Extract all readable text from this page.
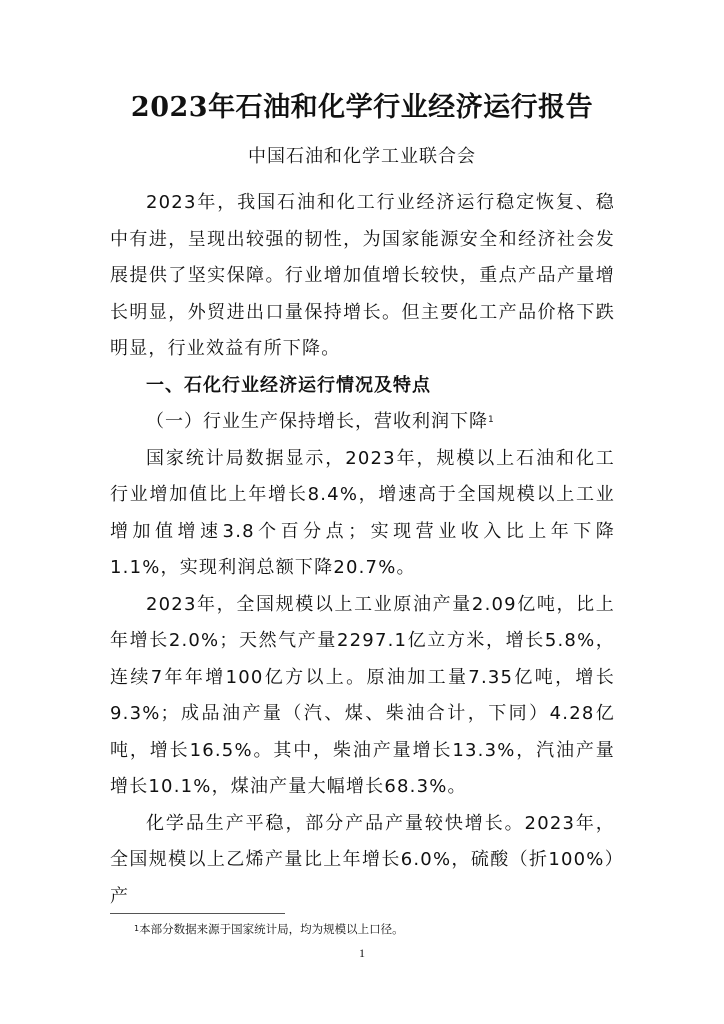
2023年石油和化学行业经济运行报告
中国石油和化学工业联合会

2023年，我国石油和化工行业经济运行稳定恢复、稳中有进，呈现出较强的韧性，为国家能源安全和经济社会发展提供了坚实保障。行业增加值增长较快，重点产品产量增长明显，外贸进出口量保持增长。但主要化工产品价格下跌明显，行业效益有所下降。

一、石化行业经济运行情况及特点

（一）行业生产保持增长，营收利润下降$^1$

国家统计局数据显示，2023年，规模以上石油和化工行业增加值比上年增长8.4%，增速高于全国规模以上工业增加值增速3.8个百分点；实现营业收入比上年下降1.1%，实现利润总额下降20.7%。

2023年，全国规模以上工业原油产量2.09亿吨，比上年增长2.0%；天然气产量2297.1亿立方米，增长5.8%，连续7年年增100亿方以上。原油加工量7.35亿吨，增长9.3%；成品油产量（汽、煤、柴油合计，下同）4.28亿吨，增长16.5%。其中，柴油产量增长13.3%，汽油产量增长10.1%，煤油产量大幅增长68.3%。

化学品生产平稳，部分产品产量较快增长。2023年，全国规模以上乙烯产量比上年增长6.0%，硫酸（折100%）产

$^1$本部分数据来源于国家统计局，均为规模以上口径。
1
